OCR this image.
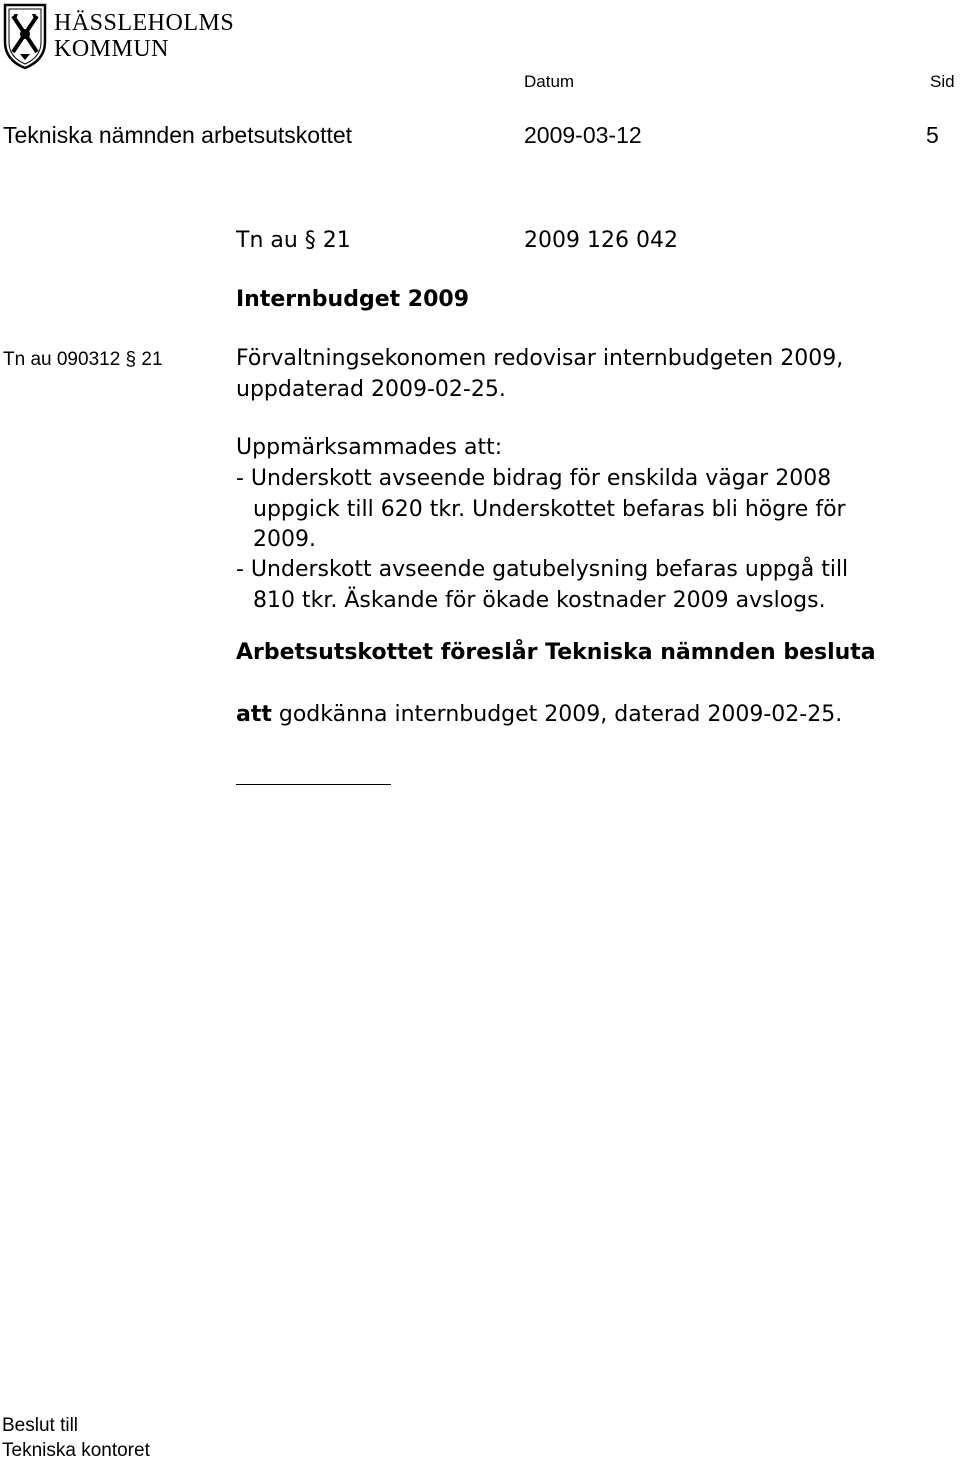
HÄSSLEHOLMS
KOMMUN
Datum	Sid
Tekniska nämnden arbetsutskottet	2009-03-12	5
Tn au § 21	2009 126 042
Internbudget 2009
Tn au 090312 § 21	Förvaltningsekonomen redovisar internbudgeten 2009,
uppdaterad 2009-02-25.
Uppmärksammades att:
- Underskott avseende bidrag för enskilda vägar 2008
uppgick till 620 tkr. Underskottet befaras bli högre för
2009.
- Underskott avseende gatubelysning befaras uppgå till
810 tkr. Äskande för ökade kostnader 2009 avslogs.
Arbetsutskottet föreslår Tekniska nämnden besluta
att godkänna internbudget 2009, daterad 2009-02-25.
Beslut till
Tekniska kontoret
